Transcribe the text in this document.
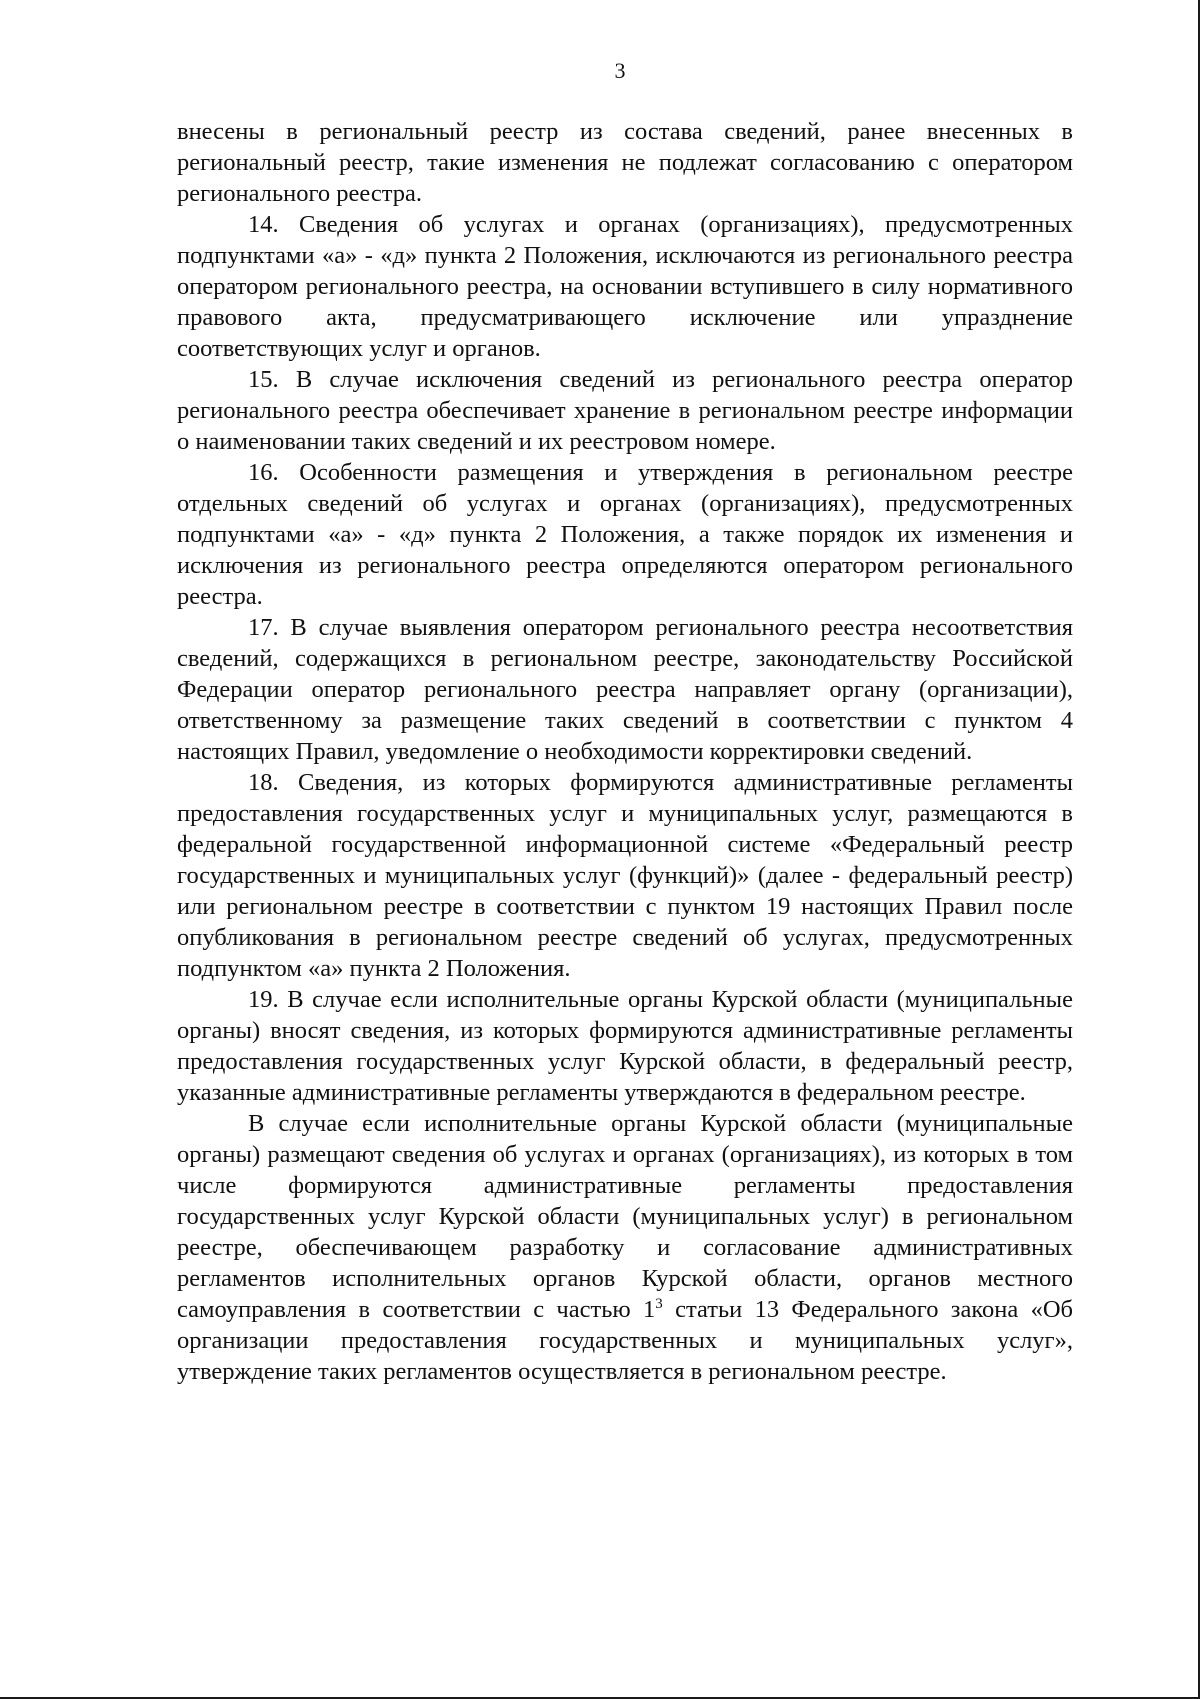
3

внесены в региональный реестр из состава сведений, ранее внесенных в региональный реестр, такие изменения не подлежат согласованию с оператором регионального реестра.

14. Сведения об услугах и органах (организациях), предусмотренных подпунктами «а» - «д» пункта 2 Положения, исключаются из регионального реестра оператором регионального реестра, на основании вступившего в силу нормативного правового акта, предусматривающего исключение или упразднение соответствующих услуг и органов.

15. В случае исключения сведений из регионального реестра оператор регионального реестра обеспечивает хранение в региональном реестре информации о наименовании таких сведений и их реестровом номере.

16. Особенности размещения и утверждения в региональном реестре отдельных сведений об услугах и органах (организациях), предусмотренных подпунктами «а» - «д» пункта 2 Положения, а также порядок их изменения и исключения из регионального реестра определяются оператором регионального реестра.

17. В случае выявления оператором регионального реестра несоответствия сведений, содержащихся в региональном реестре, законодательству Российской Федерации оператор регионального реестра направляет органу (организации), ответственному за размещение таких сведений в соответствии с пунктом 4 настоящих Правил, уведомление о необходимости корректировки сведений.

18. Сведения, из которых формируются административные регламенты предоставления государственных услуг и муниципальных услуг, размещаются в федеральной государственной информационной системе «Федеральный реестр государственных и муниципальных услуг (функций)» (далее - федеральный реестр) или региональном реестре в соответствии с пунктом 19 настоящих Правил после опубликования в региональном реестре сведений об услугах, предусмотренных подпунктом «а» пункта 2 Положения.

19. В случае если исполнительные органы Курской области (муниципальные органы) вносят сведения, из которых формируются административные регламенты предоставления государственных услуг Курской области, в федеральный реестр, указанные административные регламенты утверждаются в федеральном реестре.

В случае если исполнительные органы Курской области (муниципальные органы) размещают сведения об услугах и органах (организациях), из которых в том числе формируются административные регламенты предоставления государственных услуг Курской области (муниципальных услуг) в региональном реестре, обеспечивающем разработку и согласование административных регламентов исполнительных органов Курской области, органов местного самоуправления в соответствии с частью $1^3$ статьи 13 Федерального закона «Об организации предоставления государственных и муниципальных услуг», утверждение таких регламентов осуществляется в региональном реестре.
